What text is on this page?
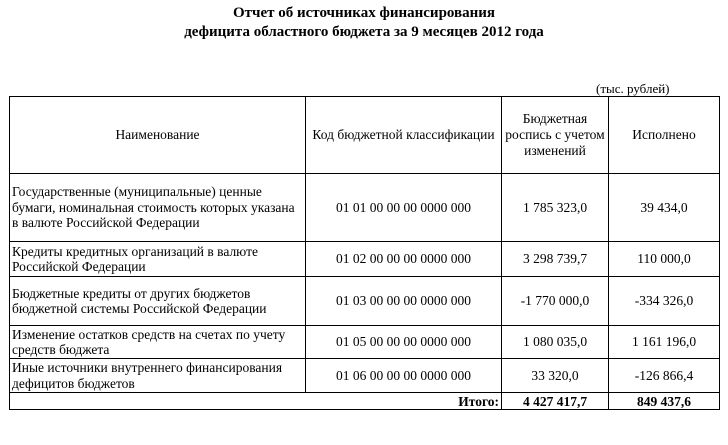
Отчет об источниках финансирования
дефицита областного бюджета за 9 месяцев 2012 года
(тыс. рублей)
Наименование	Код бюджетной классификации	Бюджетная роспись с учетом изменений	Исполнено
Государственные (муниципальные) ценные бумаги, номинальная стоимость которых указана в валюте Российской Федерации	01 01 00 00 00 0000 000	1 785 323,0	39 434,0
Кредиты кредитных организаций в валюте Российской Федерации	01 02 00 00 00 0000 000	3 298 739,7	110 000,0
Бюджетные кредиты от других бюджетов бюджетной системы Российской Федерации	01 03 00 00 00 0000 000	-1 770 000,0	-334 326,0
Изменение остатков средств на счетах по учету средств бюджета	01 05 00 00 00 0000 000	1 080 035,0	1 161 196,0
Иные источники внутреннего финансирования дефицитов бюджетов	01 06 00 00 00 0000 000	33 320,0	-126 866,4
Итого:		4 427 417,7	849 437,6
